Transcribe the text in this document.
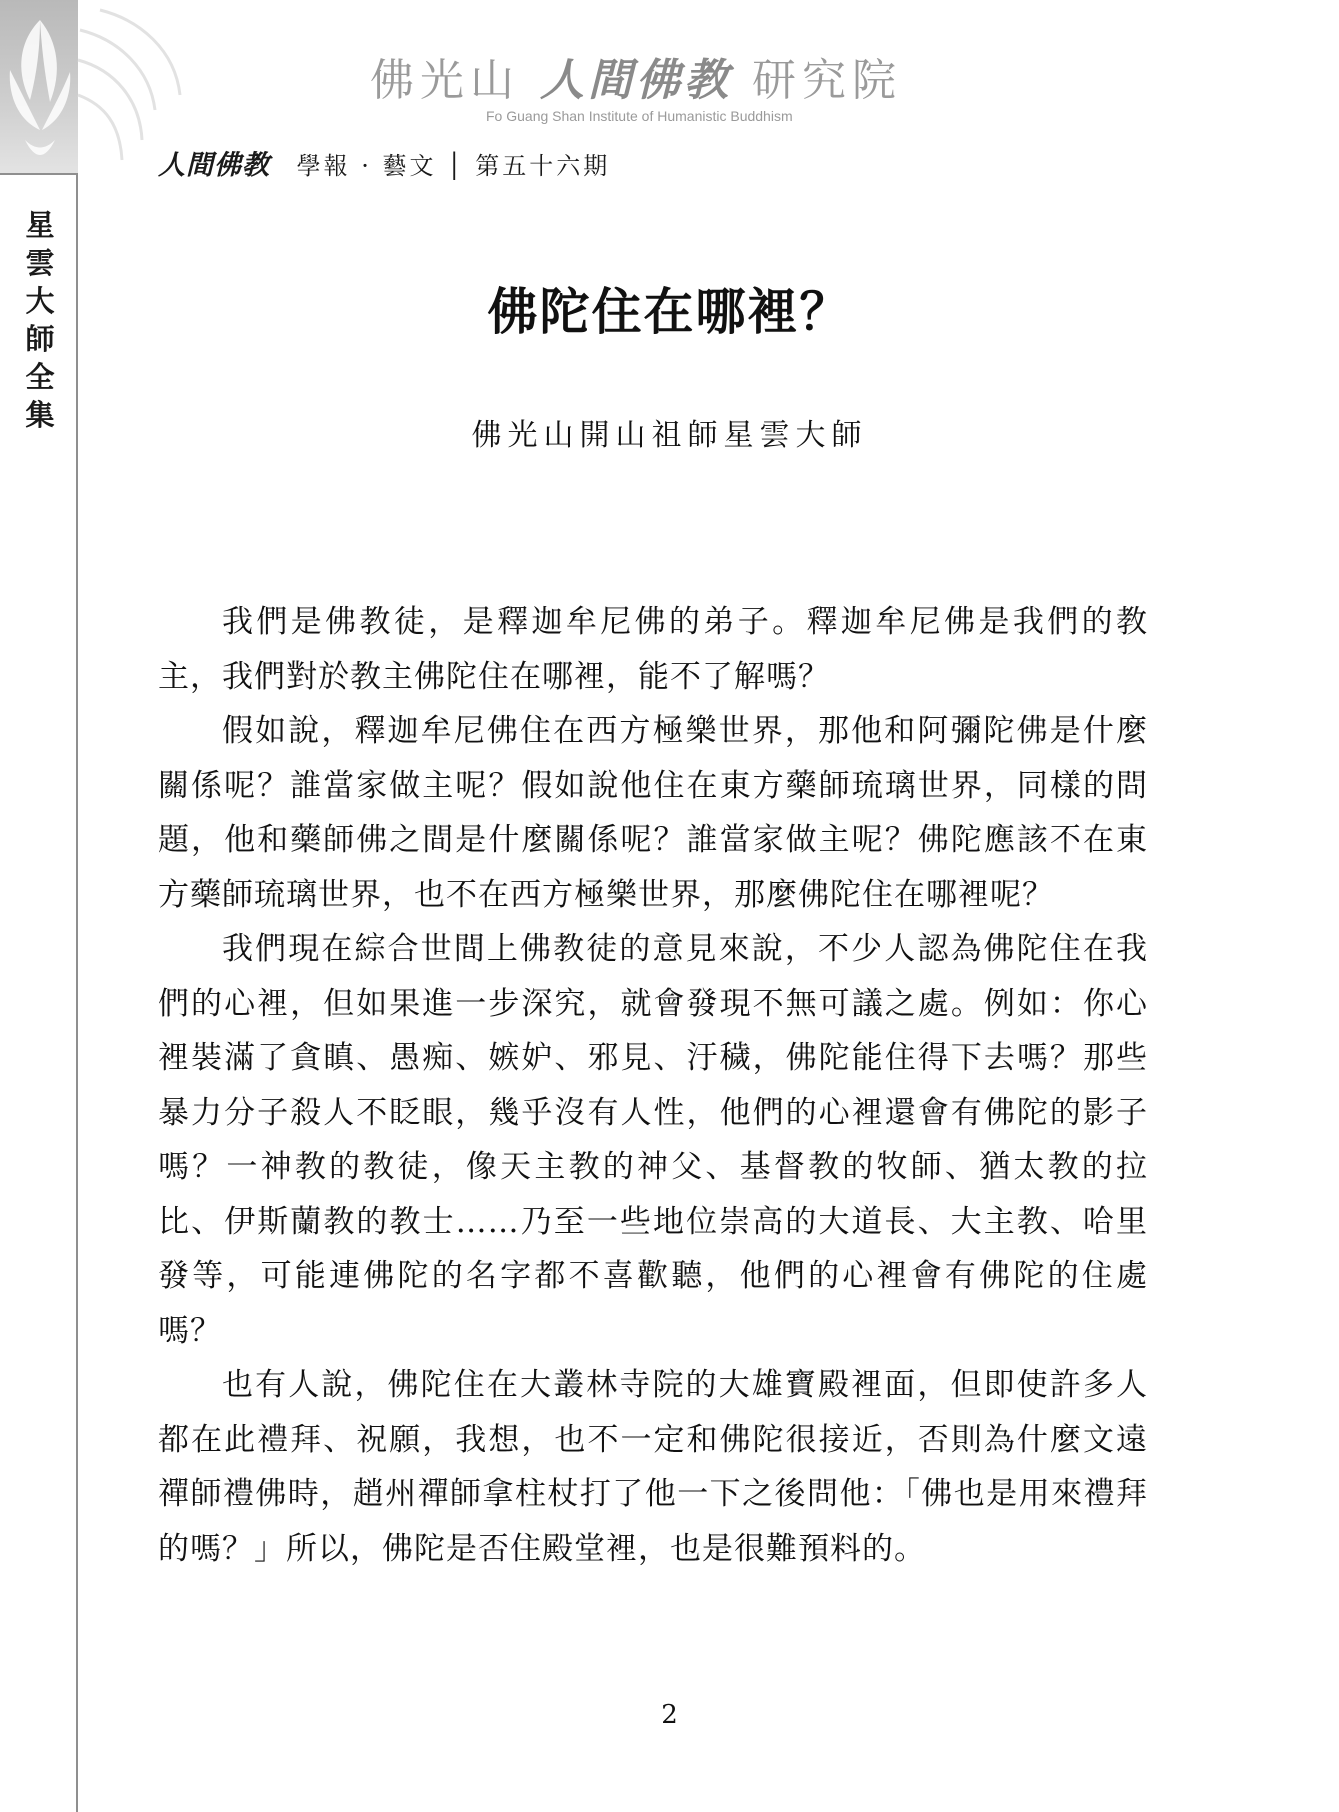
星雲大師全集
佛光山 人間佛教 研究院
Fo Guang Shan Institute of Humanistic Buddhism
人間佛教 學報 · 藝文 │ 第五十六期
佛陀住在哪裡？
佛光山開山祖師星雲大師

我們是佛教徒，是釋迦牟尼佛的弟子。釋迦牟尼佛是我們的教主，我們對於教主佛陀住在哪裡，能不了解嗎？

假如說，釋迦牟尼佛住在西方極樂世界，那他和阿彌陀佛是什麼關係呢？誰當家做主呢？假如說他住在東方藥師琉璃世界，同樣的問題，他和藥師佛之間是什麼關係呢？誰當家做主呢？佛陀應該不在東方藥師琉璃世界，也不在西方極樂世界，那麼佛陀住在哪裡呢？

我們現在綜合世間上佛教徒的意見來說，不少人認為佛陀住在我們的心裡，但如果進一步深究，就會發現不無可議之處。例如：你心裡裝滿了貪瞋、愚痴、嫉妒、邪見、汙穢，佛陀能住得下去嗎？那些暴力分子殺人不眨眼，幾乎沒有人性，他們的心裡還會有佛陀的影子嗎？一神教的教徒，像天主教的神父、基督教的牧師、猶太教的拉比、伊斯蘭教的教士……乃至一些地位崇高的大道長、大主教、哈里發等，可能連佛陀的名字都不喜歡聽，他們的心裡會有佛陀的住處嗎？

也有人說，佛陀住在大叢林寺院的大雄寶殿裡面，但即使許多人都在此禮拜、祝願，我想，也不一定和佛陀很接近，否則為什麼文遠禪師禮佛時，趙州禪師拿柱杖打了他一下之後問他：「佛也是用來禮拜的嗎？」所以，佛陀是否住殿堂裡，也是很難預料的。

2
